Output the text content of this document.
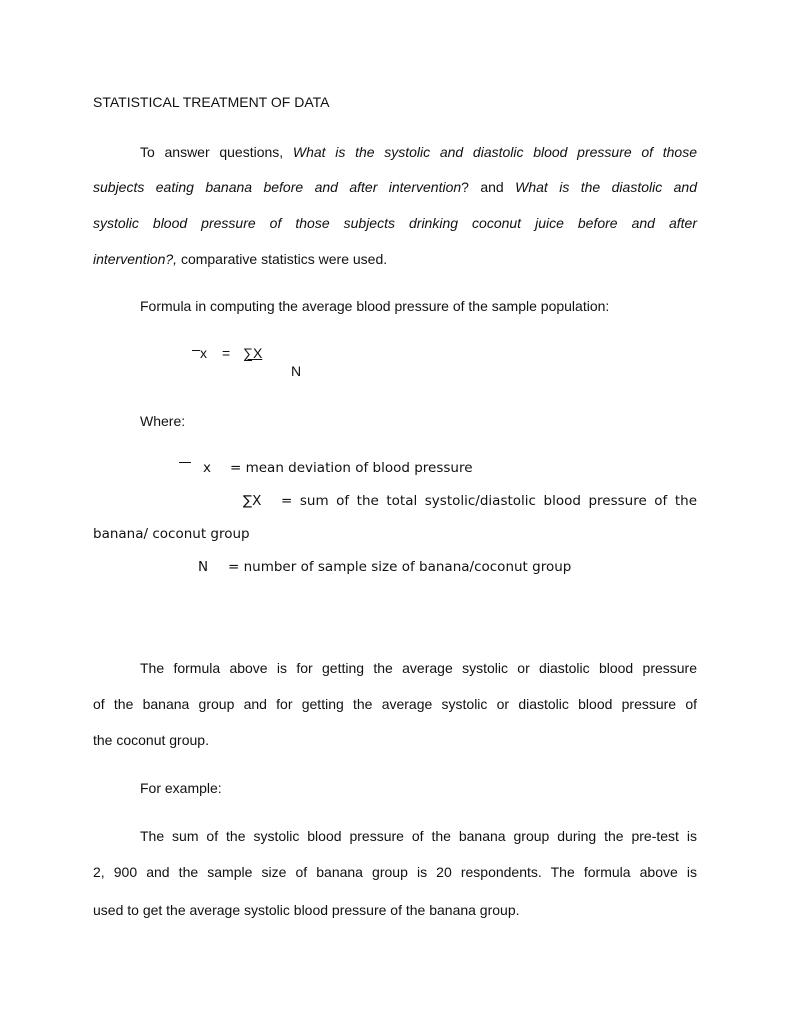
STATISTICAL TREATMENT OF DATA
To answer questions, What is the systolic and diastolic blood pressure of those
subjects eating banana before and after intervention? and What is the diastolic and
systolic blood pressure of those subjects drinking coconut juice before and after
intervention?, comparative statistics were used.
Formula in computing the average blood pressure of the sample population:
x = ∑X
N
Where:
x = mean deviation of blood pressure
∑X = sum of the total systolic/diastolic blood pressure of the
banana/ coconut group
N = number of sample size of banana/coconut group
The formula above is for getting the average systolic or diastolic blood pressure
of the banana group and for getting the average systolic or diastolic blood pressure of
the coconut group.
For example:
The sum of the systolic blood pressure of the banana group during the pre-test is
2, 900 and the sample size of banana group is 20 respondents. The formula above is
used to get the average systolic blood pressure of the banana group.
